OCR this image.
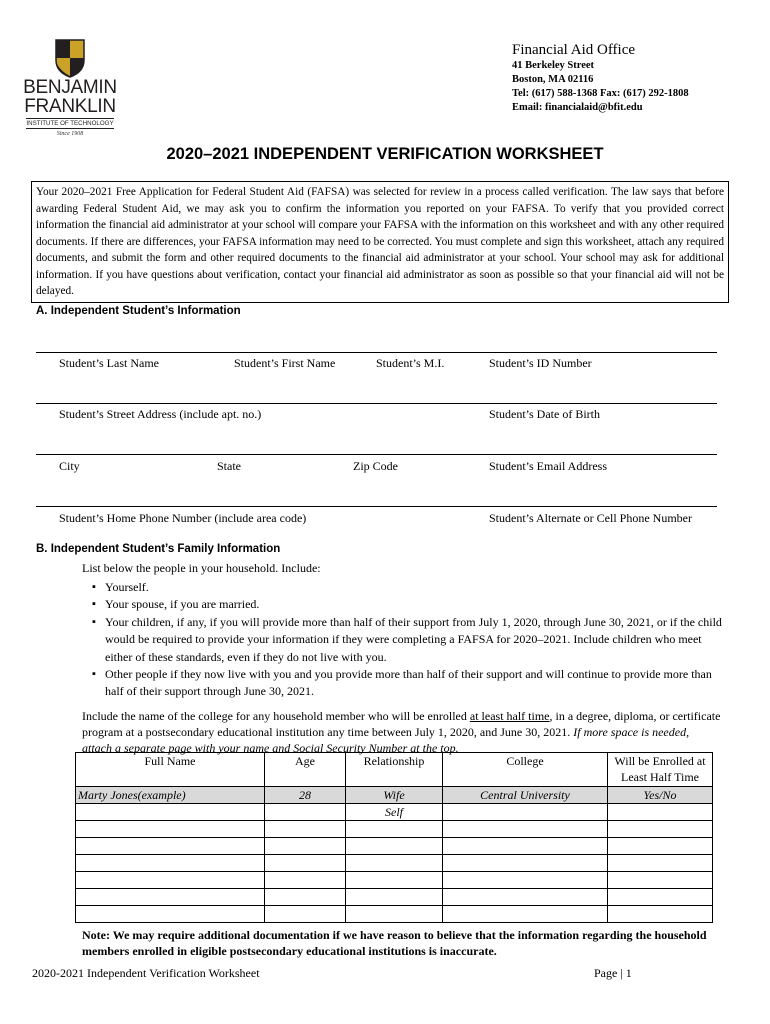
BENJAMIN
FRANKLIN
INSTITUTE OF TECHNOLOGY
Since 1908
Financial Aid Office
41 Berkeley Street
Boston, MA 02116
Tel: (617) 588-1368 Fax: (617) 292-1808
Email: financialaid@bfit.edu
2020–2021 INDEPENDENT VERIFICATION WORKSHEET
Your 2020–2021 Free Application for Federal Student Aid (FAFSA) was selected for review in a process called verification. The law says that before awarding Federal Student Aid, we may ask you to confirm the information you reported on your FAFSA. To verify that you provided correct information the financial aid administrator at your school will compare your FAFSA with the information on this worksheet and with any other required documents. If there are differences, your FAFSA information may need to be corrected. You must complete and sign this worksheet, attach any required documents, and submit the form and other required documents to the financial aid administrator at your school. Your school may ask for additional information. If you have questions about verification, contact your financial aid administrator as soon as possible so that your financial aid will not be delayed.
A. Independent Student’s Information
Student’s Last Name	Student’s First Name	Student’s M.I.	Student’s ID Number
Student’s Street Address (include apt. no.)	Student’s Date of Birth
City	State	Zip Code	Student’s Email Address
Student’s Home Phone Number (include area code)	Student’s Alternate or Cell Phone Number
B. Independent Student’s Family Information
List below the people in your household. Include:
▪ Yourself.
▪ Your spouse, if you are married.
▪ Your children, if any, if you will provide more than half of their support from July 1, 2020, through June 30, 2021, or if the child would be required to provide your information if they were completing a FAFSA for 2020–2021. Include children who meet either of these standards, even if they do not live with you.
▪ Other people if they now live with you and you provide more than half of their support and will continue to provide more than half of their support through June 30, 2021.
Include the name of the college for any household member who will be enrolled at least half time, in a degree, diploma, or certificate program at a postsecondary educational institution any time between July 1, 2020, and June 30, 2021. If more space is needed, attach a separate page with your name and Social Security Number at the top.
Full Name	Age	Relationship	College	Will be Enrolled at Least Half Time
Marty Jones(example)	28	Wife	Central University	Yes/No
		Self		

Note: We may require additional documentation if we have reason to believe that the information regarding the household members enrolled in eligible postsecondary educational institutions is inaccurate.
2020-2021 Independent Verification Worksheet	Page | 1
